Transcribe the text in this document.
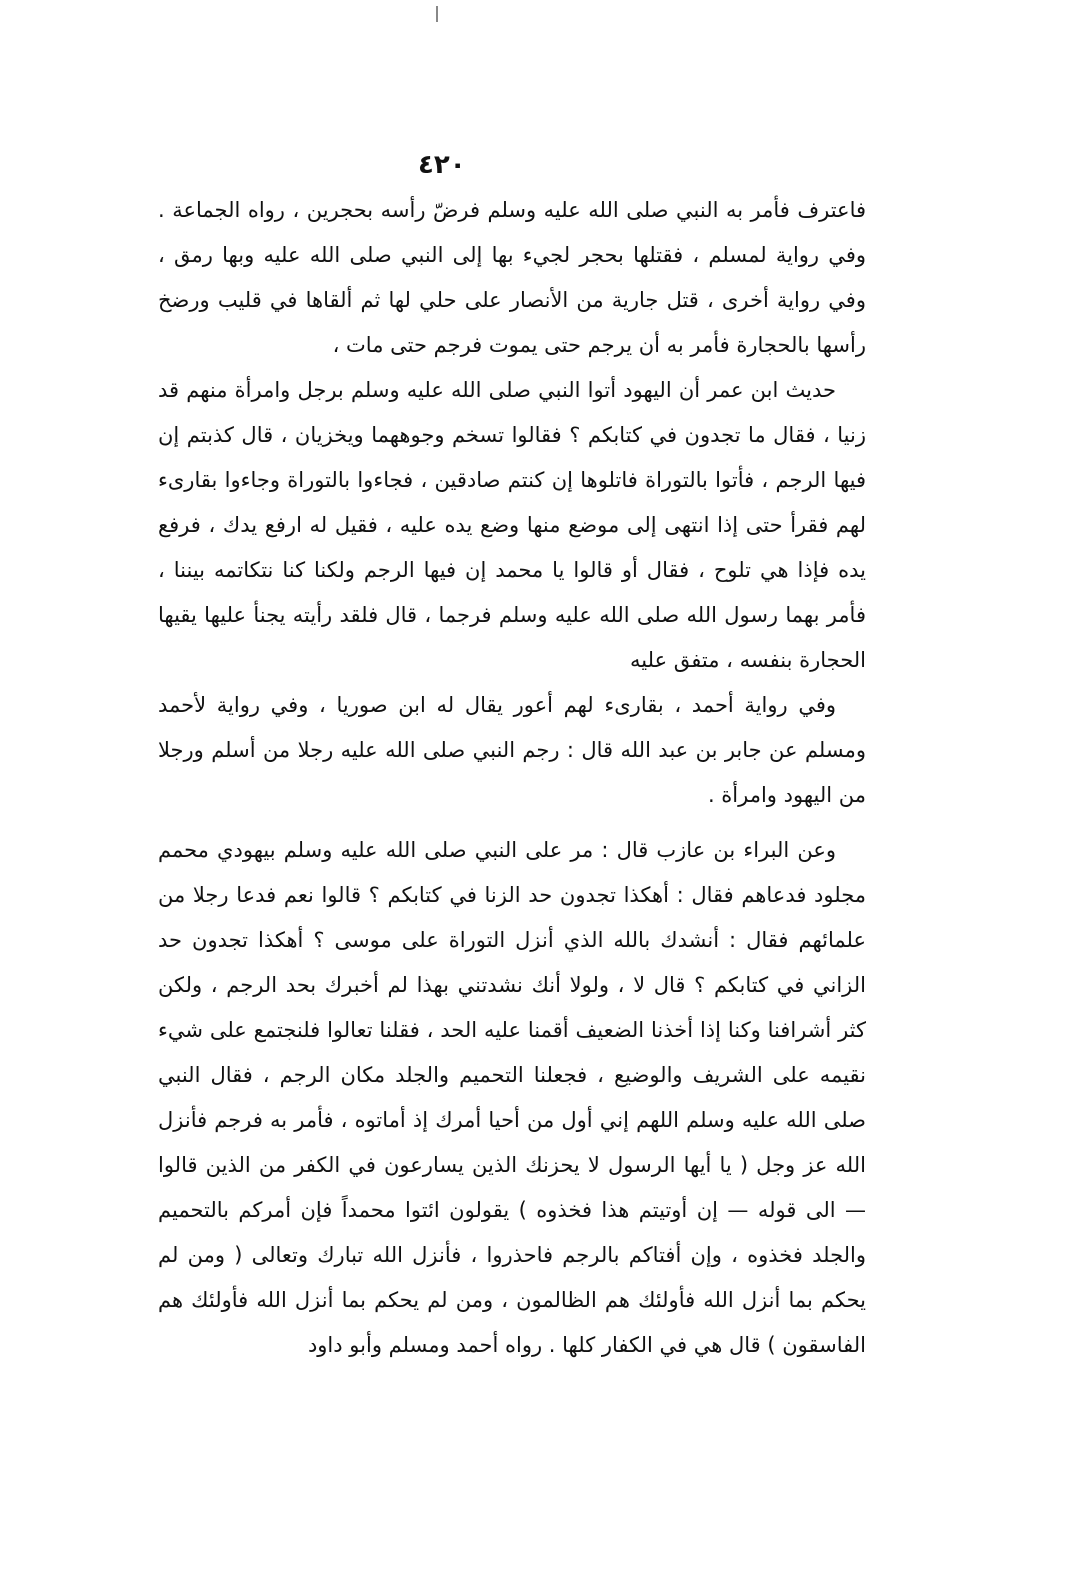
٤٢٠

فاعترف فأمر به النبي صلى الله عليه وسلم فرضّ رأسه بحجرين ، رواه الجماعة . وفي رواية لمسلم ، فقتلها بحجر لجيء بها إلى النبي صلى الله عليه وبها رمق ، وفي رواية أخرى ، قتل جارية من الأنصار على حلي لها ثم ألقاها في قليب ورضخ رأسها بالحجارة فأمر به أن يرجم حتى يموت فرجم حتى مات ،

حديث ابن عمر أن اليهود أتوا النبي صلى الله عليه وسلم برجل وامرأة منهم قد زنيا ، فقال ما تجدون في كتابكم ؟ فقالوا تسخم وجوههما ويخزيان ، قال كذبتم إن فيها الرجم ، فأتوا بالتوراة فاتلوها إن كنتم صادقين ، فجاءوا بالتوراة وجاءوا بقارىء لهم فقرأ حتى إذا انتهى إلى موضع منها وضع يده عليه ، فقيل له ارفع يدك ، فرفع يده فإذا هي تلوح ، فقال أو قالوا يا محمد إن فيها الرجم ولكنا كنا نتكاتمه بيننا ، فأمر بهما رسول الله صلى الله عليه وسلم فرجما ، قال فلقد رأيته يجنأ عليها يقيها الحجارة بنفسه ، متفق عليه

وفي رواية أحمد ، بقارىء لهم أعور يقال له ابن صوريا ، وفي رواية لأحمد ومسلم عن جابر بن عبد الله قال : رجم النبي صلى الله عليه رجلا من أسلم ورجلا من اليهود وامرأة .

وعن البراء بن عازب قال : مر على النبي صلى الله عليه وسلم بيهودي محمم مجلود فدعاهم فقال : أهكذا تجدون حد الزنا في كتابكم ؟ قالوا نعم فدعا رجلا من علمائهم فقال : أنشدك بالله الذي أنزل التوراة على موسى ؟ أهكذا تجدون حد الزاني في كتابكم ؟ قال لا ، ولولا أنك نشدتني بهذا لم أخبرك بحد الرجم ، ولكن كثر أشرافنا وكنا إذا أخذنا الضعيف أقمنا عليه الحد ، فقلنا تعالوا فلنجتمع على شيء نقيمه على الشريف والوضيع ، فجعلنا التحميم والجلد مكان الرجم ، فقال النبي صلى الله عليه وسلم اللهم إني أول من أحيا أمرك إذ أماتوه ، فأمر به فرجم فأنزل الله عز وجل ( يا أيها الرسول لا يحزنك الذين يسارعون في الكفر من الذين قالوا — الى قوله — إن أوتيتم هذا فخذوه ) يقولون ائتوا محمداً فإن أمركم بالتحميم والجلد فخذوه ، وإن أفتاكم بالرجم فاحذروا ، فأنزل الله تبارك وتعالى ( ومن لم يحكم بما أنزل الله فأولئك هم الظالمون ، ومن لم يحكم بما أنزل الله فأولئك هم الفاسقون ) قال هي في الكفار كلها . رواه أحمد ومسلم وأبو داود
